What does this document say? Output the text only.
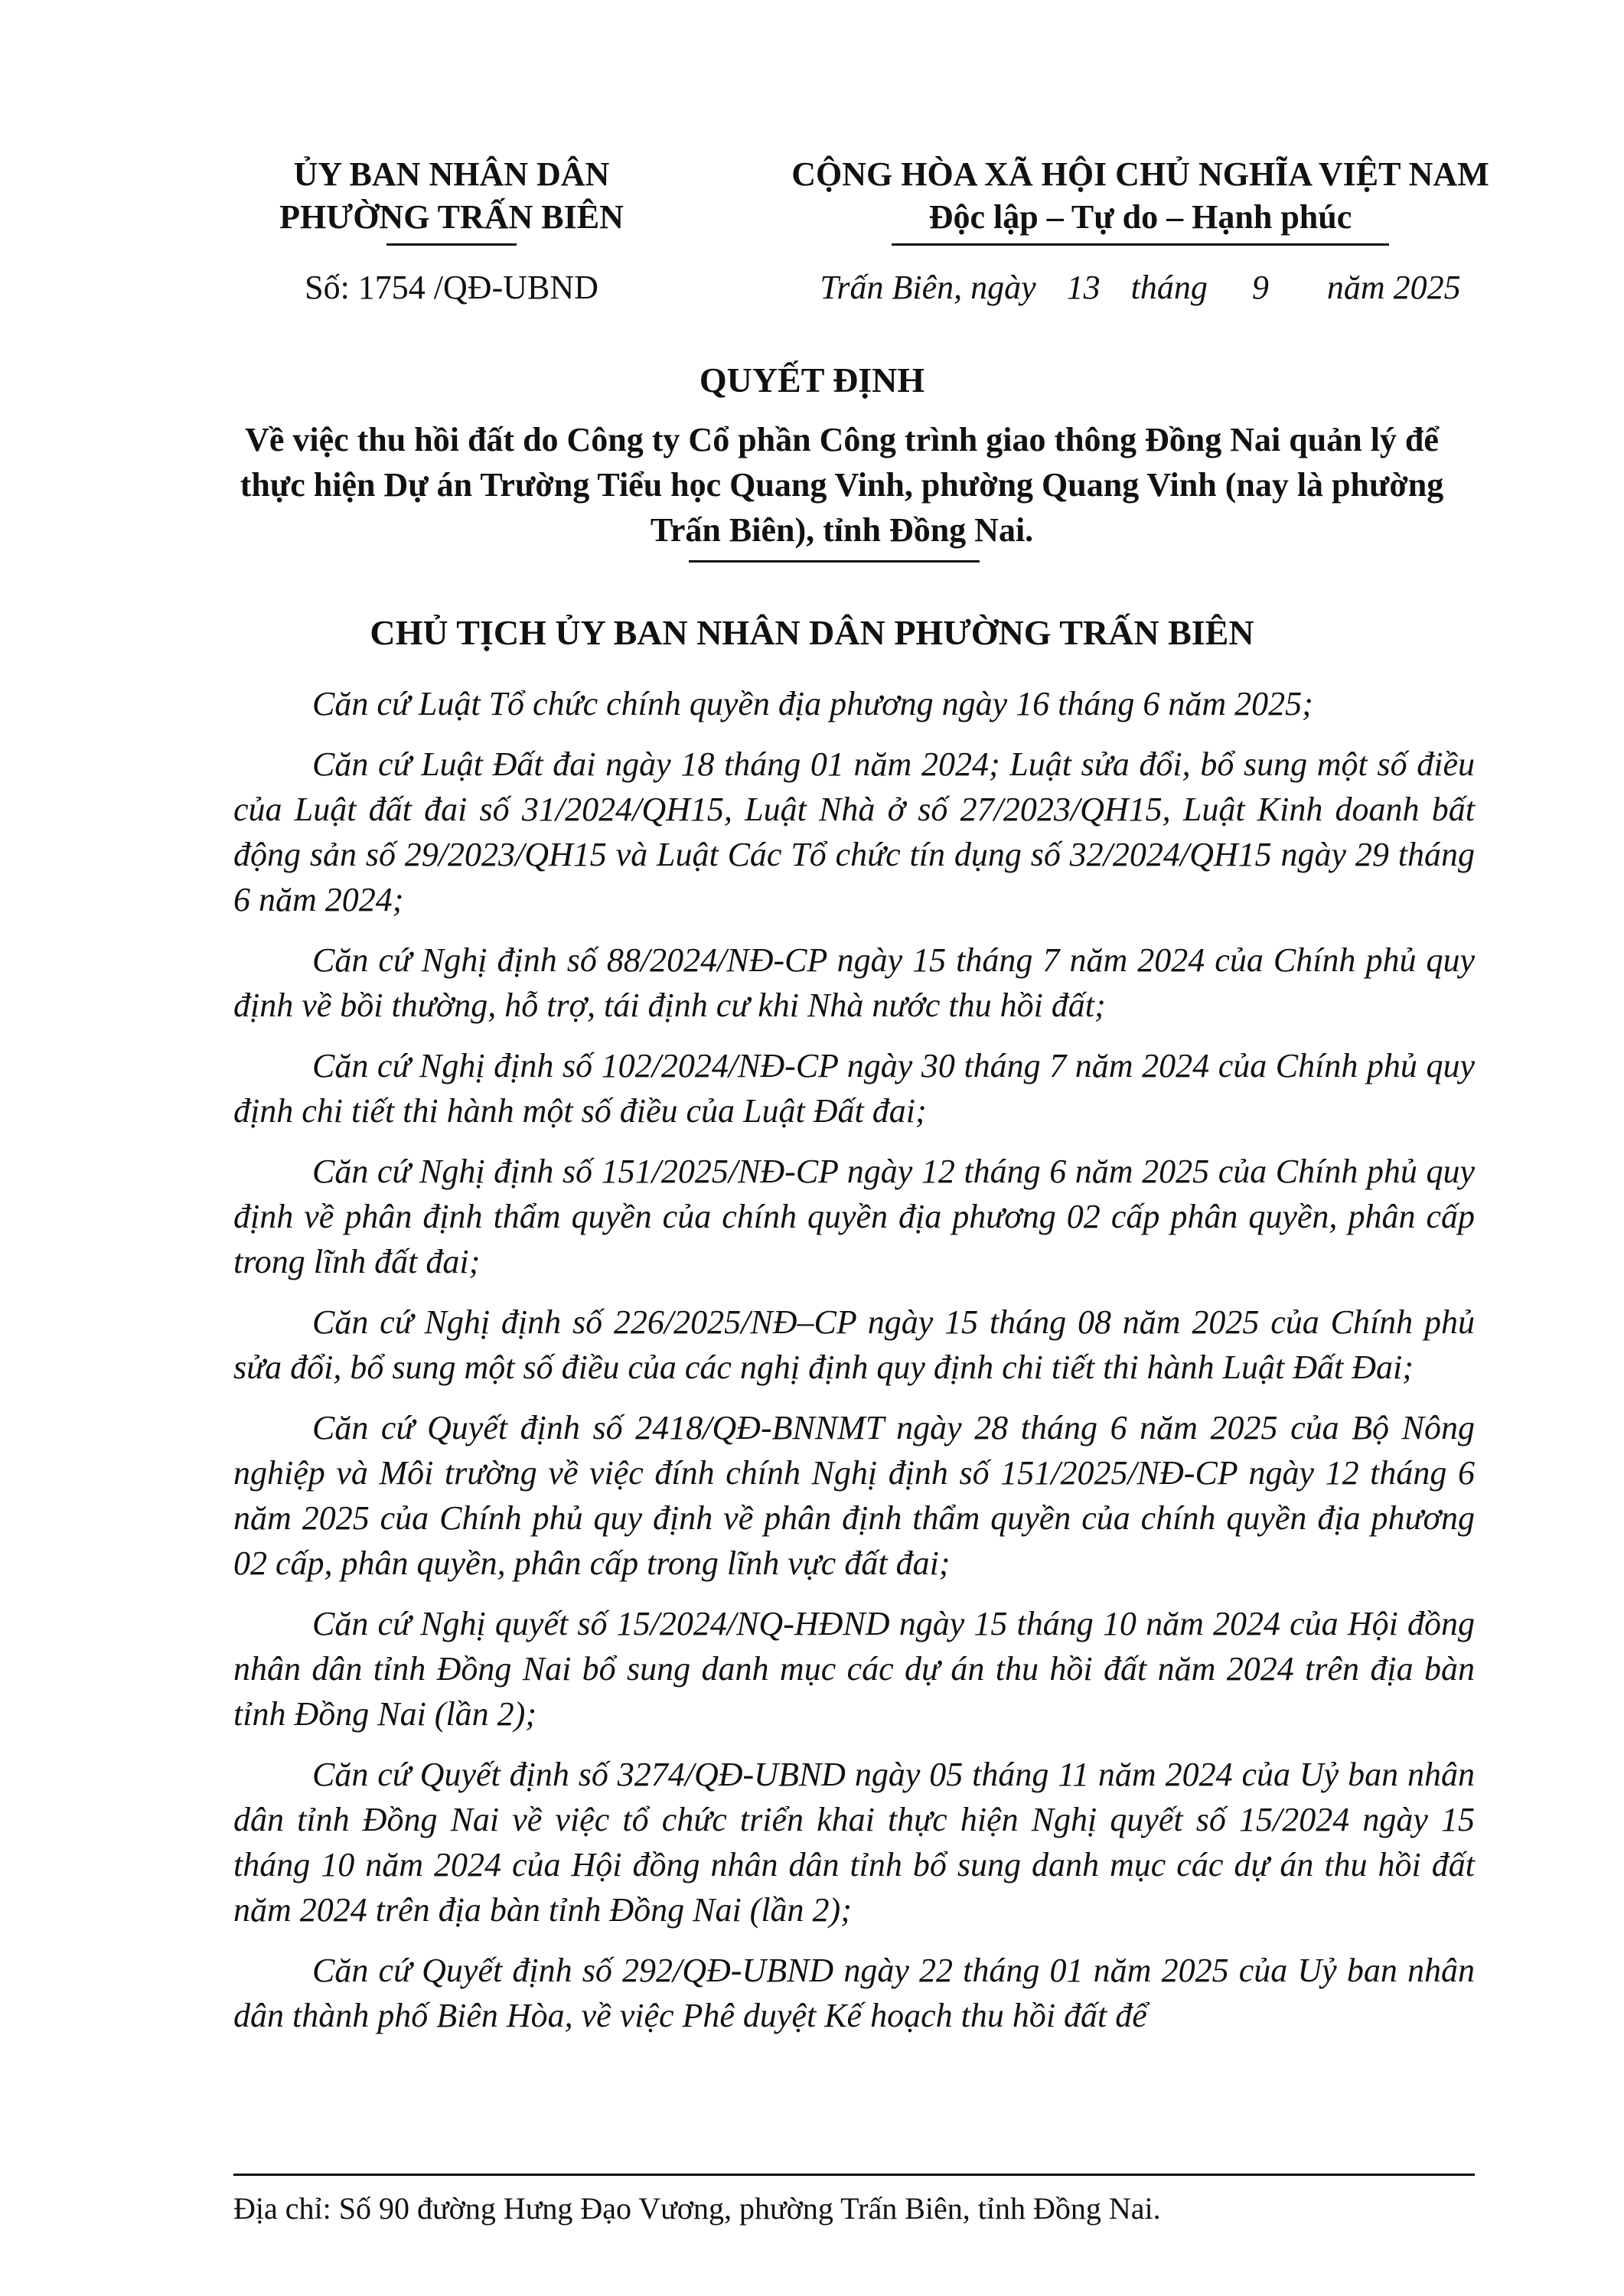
ỦY BAN NHÂN DÂN
PHƯỜNG TRẤN BIÊN
CỘNG HÒA XÃ HỘI CHỦ NGHĨA VIỆT NAM
Độc lập – Tự do – Hạnh phúc
Số: 1754 /QĐ-UBND	Trấn Biên, ngày 13 tháng 9 năm 2025
QUYẾT ĐỊNH
Về việc thu hồi đất do Công ty Cổ phần Công trình giao thông Đồng Nai quản lý để thực hiện Dự án Trường Tiểu học Quang Vinh, phường Quang Vinh (nay là phường Trấn Biên), tỉnh Đồng Nai.
CHỦ TỊCH ỦY BAN NHÂN DÂN PHƯỜNG TRẤN BIÊN

Căn cứ Luật Tổ chức chính quyền địa phương ngày 16 tháng 6 năm 2025;

Căn cứ Luật Đất đai ngày 18 tháng 01 năm 2024; Luật sửa đổi, bổ sung một số điều của Luật đất đai số 31/2024/QH15, Luật Nhà ở số 27/2023/QH15, Luật Kinh doanh bất động sản số 29/2023/QH15 và Luật Các Tổ chức tín dụng số 32/2024/QH15 ngày 29 tháng 6 năm 2024;

Căn cứ Nghị định số 88/2024/NĐ-CP ngày 15 tháng 7 năm 2024 của Chính phủ quy định về bồi thường, hỗ trợ, tái định cư khi Nhà nước thu hồi đất;

Căn cứ Nghị định số 102/2024/NĐ-CP ngày 30 tháng 7 năm 2024 của Chính phủ quy định chi tiết thi hành một số điều của Luật Đất đai;

Căn cứ Nghị định số 151/2025/NĐ-CP ngày 12 tháng 6 năm 2025 của Chính phủ quy định về phân định thẩm quyền của chính quyền địa phương 02 cấp phân quyền, phân cấp trong lĩnh đất đai;

Căn cứ Nghị định số 226/2025/NĐ–CP ngày 15 tháng 08 năm 2025 của Chính phủ sửa đổi, bổ sung một số điều của các nghị định quy định chi tiết thi hành Luật Đất Đai;

Căn cứ Quyết định số 2418/QĐ-BNNMT ngày 28 tháng 6 năm 2025 của Bộ Nông nghiệp và Môi trường về việc đính chính Nghị định số 151/2025/NĐ-CP ngày 12 tháng 6 năm 2025 của Chính phủ quy định về phân định thẩm quyền của chính quyền địa phương 02 cấp, phân quyền, phân cấp trong lĩnh vực đất đai;

Căn cứ Nghị quyết số 15/2024/NQ-HĐND ngày 15 tháng 10 năm 2024 của Hội đồng nhân dân tỉnh Đồng Nai bổ sung danh mục các dự án thu hồi đất năm 2024 trên địa bàn tỉnh Đồng Nai (lần 2);

Căn cứ Quyết định số 3274/QĐ-UBND ngày 05 tháng 11 năm 2024 của Uỷ ban nhân dân tỉnh Đồng Nai về việc tổ chức triển khai thực hiện Nghị quyết số 15/2024 ngày 15 tháng 10 năm 2024 của Hội đồng nhân dân tỉnh bổ sung danh mục các dự án thu hồi đất năm 2024 trên địa bàn tỉnh Đồng Nai (lần 2);

Căn cứ Quyết định số 292/QĐ-UBND ngày 22 tháng 01 năm 2025 của Uỷ ban nhân dân thành phố Biên Hòa, về việc Phê duyệt Kế hoạch thu hồi đất để

Địa chỉ: Số 90 đường Hưng Đạo Vương, phường Trấn Biên, tỉnh Đồng Nai.
